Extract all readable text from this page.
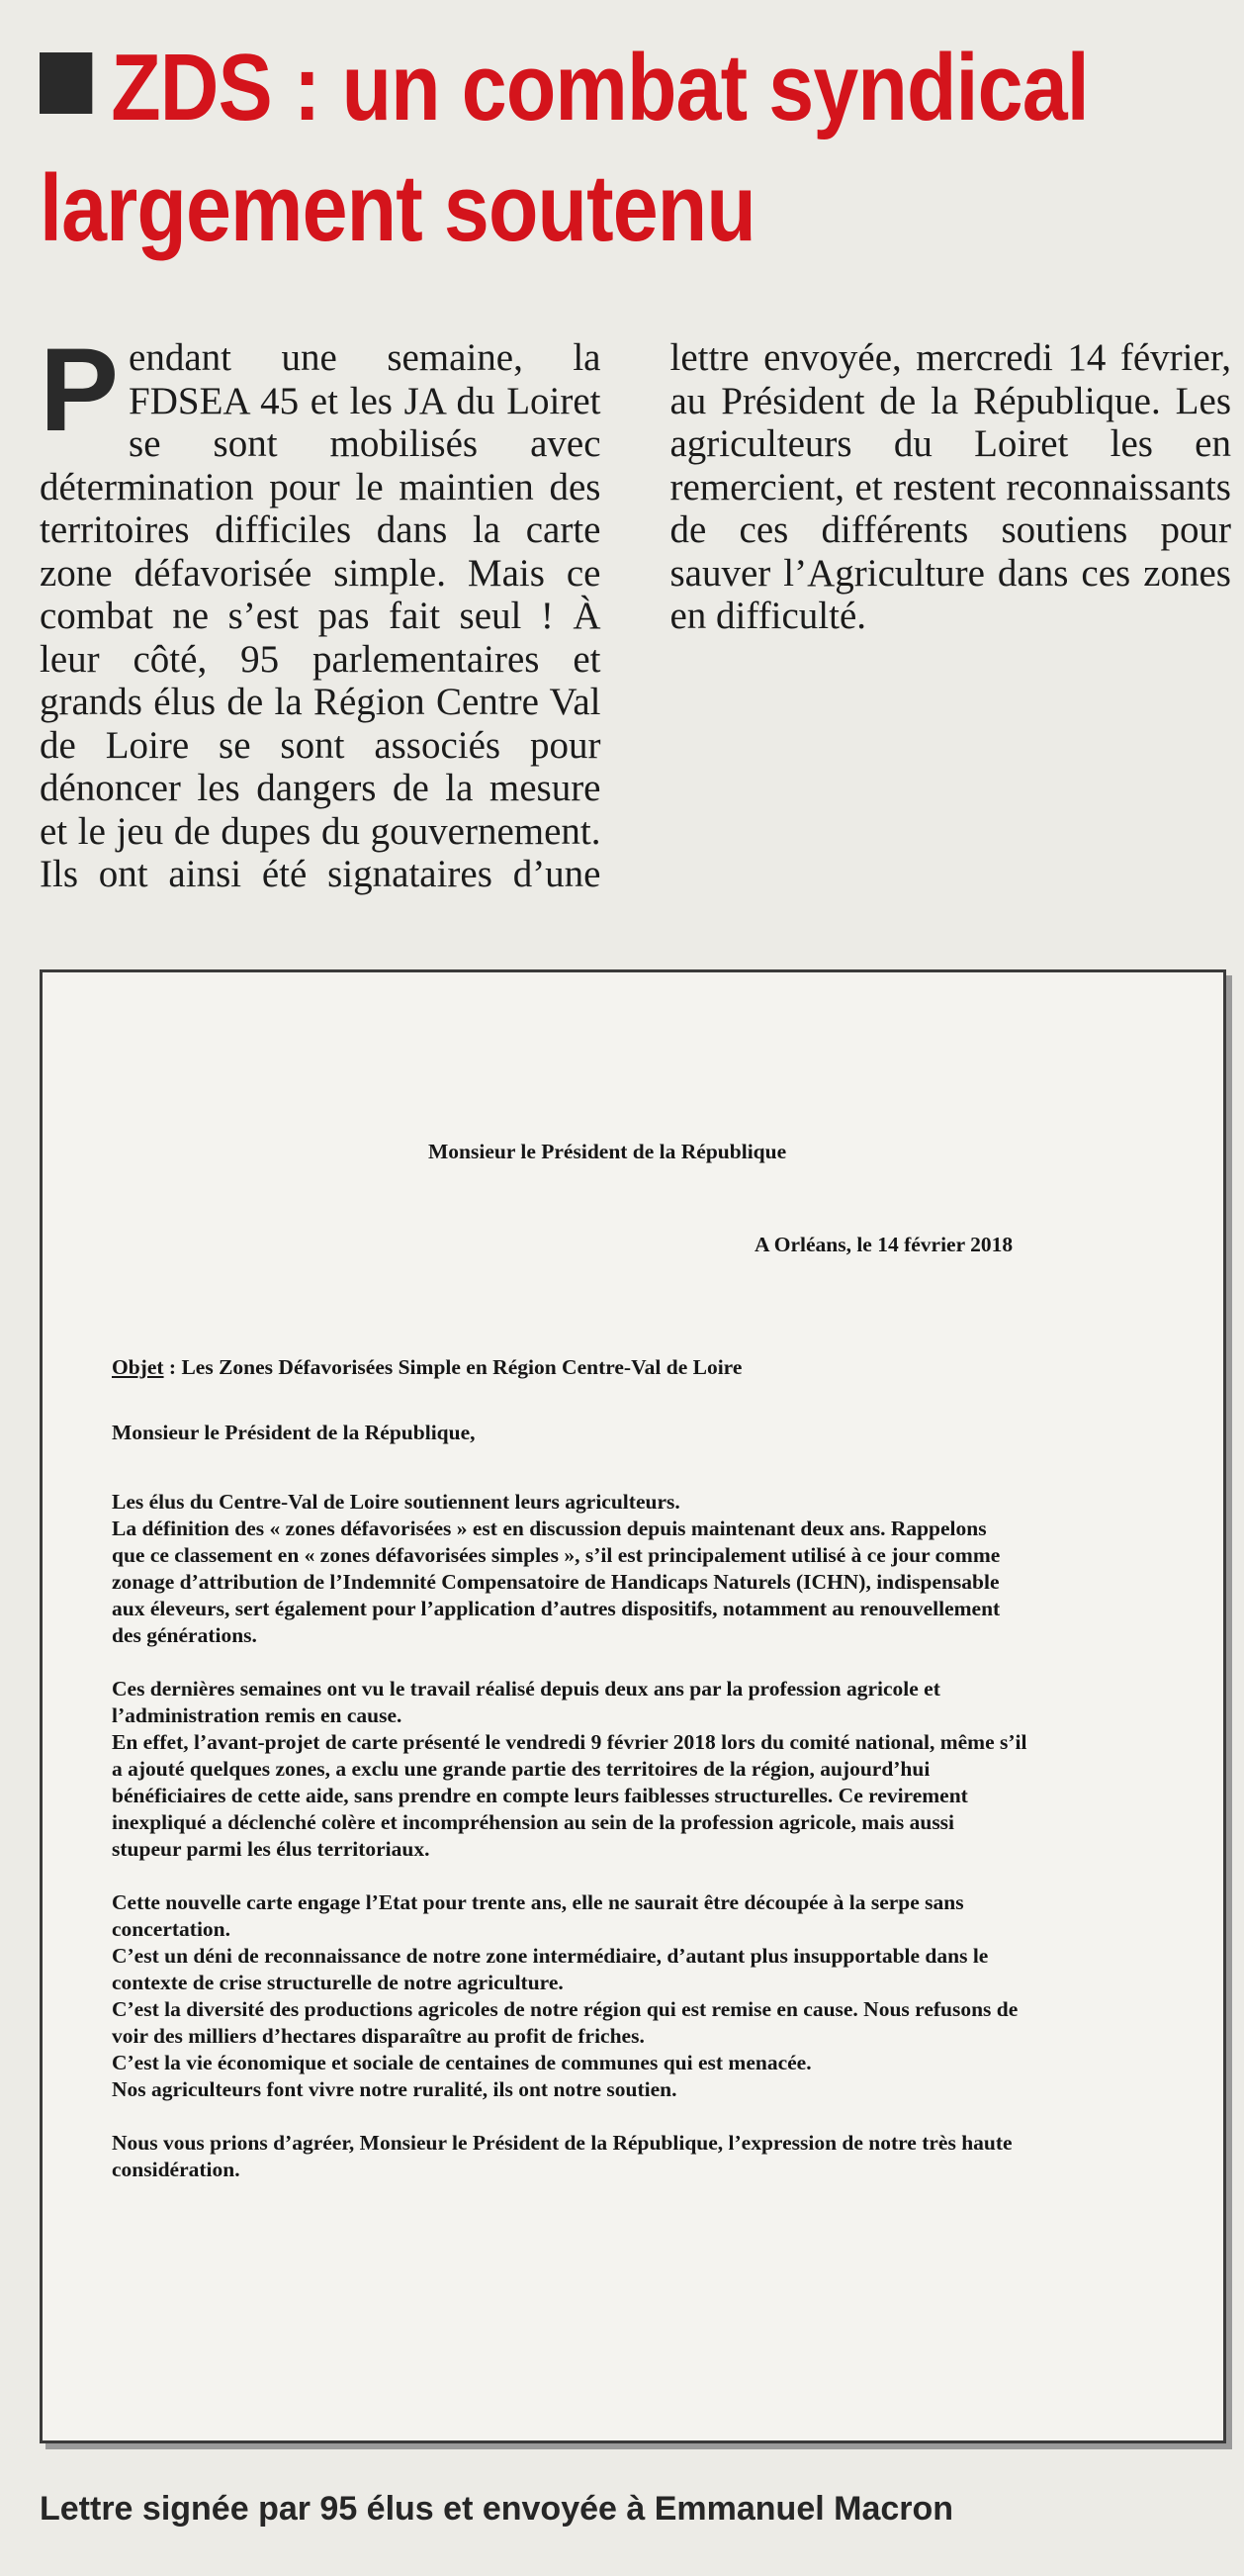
ZDS : un combat syndical
largement soutenu

Pendant une semaine, la FDSEA 45 et les JA du Loiret se sont mobilisés avec détermination pour le maintien des territoires difficiles dans la carte zone défavorisée simple. Mais ce combat ne s’est pas fait seul ! À leur côté, 95 parlementaires et grands élus de la Région Centre Val de Loire se sont associés pour dénoncer les dangers de la mesure et le jeu de dupes du gouvernement. Ils ont ainsi été signataires d’une lettre envoyée, mercredi 14 février, au Président de la République. Les agriculteurs du Loiret les en remercient, et restent reconnaissants de ces différents soutiens pour sauver l’Agriculture dans ces zones en difficulté.

Monsieur le Président de la République
A Orléans, le 14 février 2018
Objet : Les Zones Défavorisées Simple en Région Centre-Val de Loire
Monsieur le Président de la République,

Les élus du Centre-Val de Loire soutiennent leurs agriculteurs.
La définition des « zones défavorisées » est en discussion depuis maintenant deux ans. Rappelons
que ce classement en « zones défavorisées simples », s’il est principalement utilisé à ce jour comme
zonage d’attribution de l’Indemnité Compensatoire de Handicaps Naturels (ICHN), indispensable
aux éleveurs, sert également pour l’application d’autres dispositifs, notamment au renouvellement
des générations.

Ces dernières semaines ont vu le travail réalisé depuis deux ans par la profession agricole et
l’administration remis en cause.
En effet, l’avant-projet de carte présenté le vendredi 9 février 2018 lors du comité national, même s’il
a ajouté quelques zones, a exclu une grande partie des territoires de la région, aujourd’hui
bénéficiaires de cette aide, sans prendre en compte leurs faiblesses structurelles. Ce revirement
inexpliqué a déclenché colère et incompréhension au sein de la profession agricole, mais aussi
stupeur parmi les élus territoriaux.

Cette nouvelle carte engage l’Etat pour trente ans, elle ne saurait être découpée à la serpe sans
concertation.
C’est un déni de reconnaissance de notre zone intermédiaire, d’autant plus insupportable dans le
contexte de crise structurelle de notre agriculture.
C’est la diversité des productions agricoles de notre région qui est remise en cause. Nous refusons de
voir des milliers d’hectares disparaître au profit de friches.
C’est la vie économique et sociale de centaines de communes qui est menacée.
Nos agriculteurs font vivre notre ruralité, ils ont notre soutien.

Nous vous prions d’agréer, Monsieur le Président de la République, l’expression de notre très haute
considération.

Lettre signée par 95 élus et envoyée à Emmanuel Macron
